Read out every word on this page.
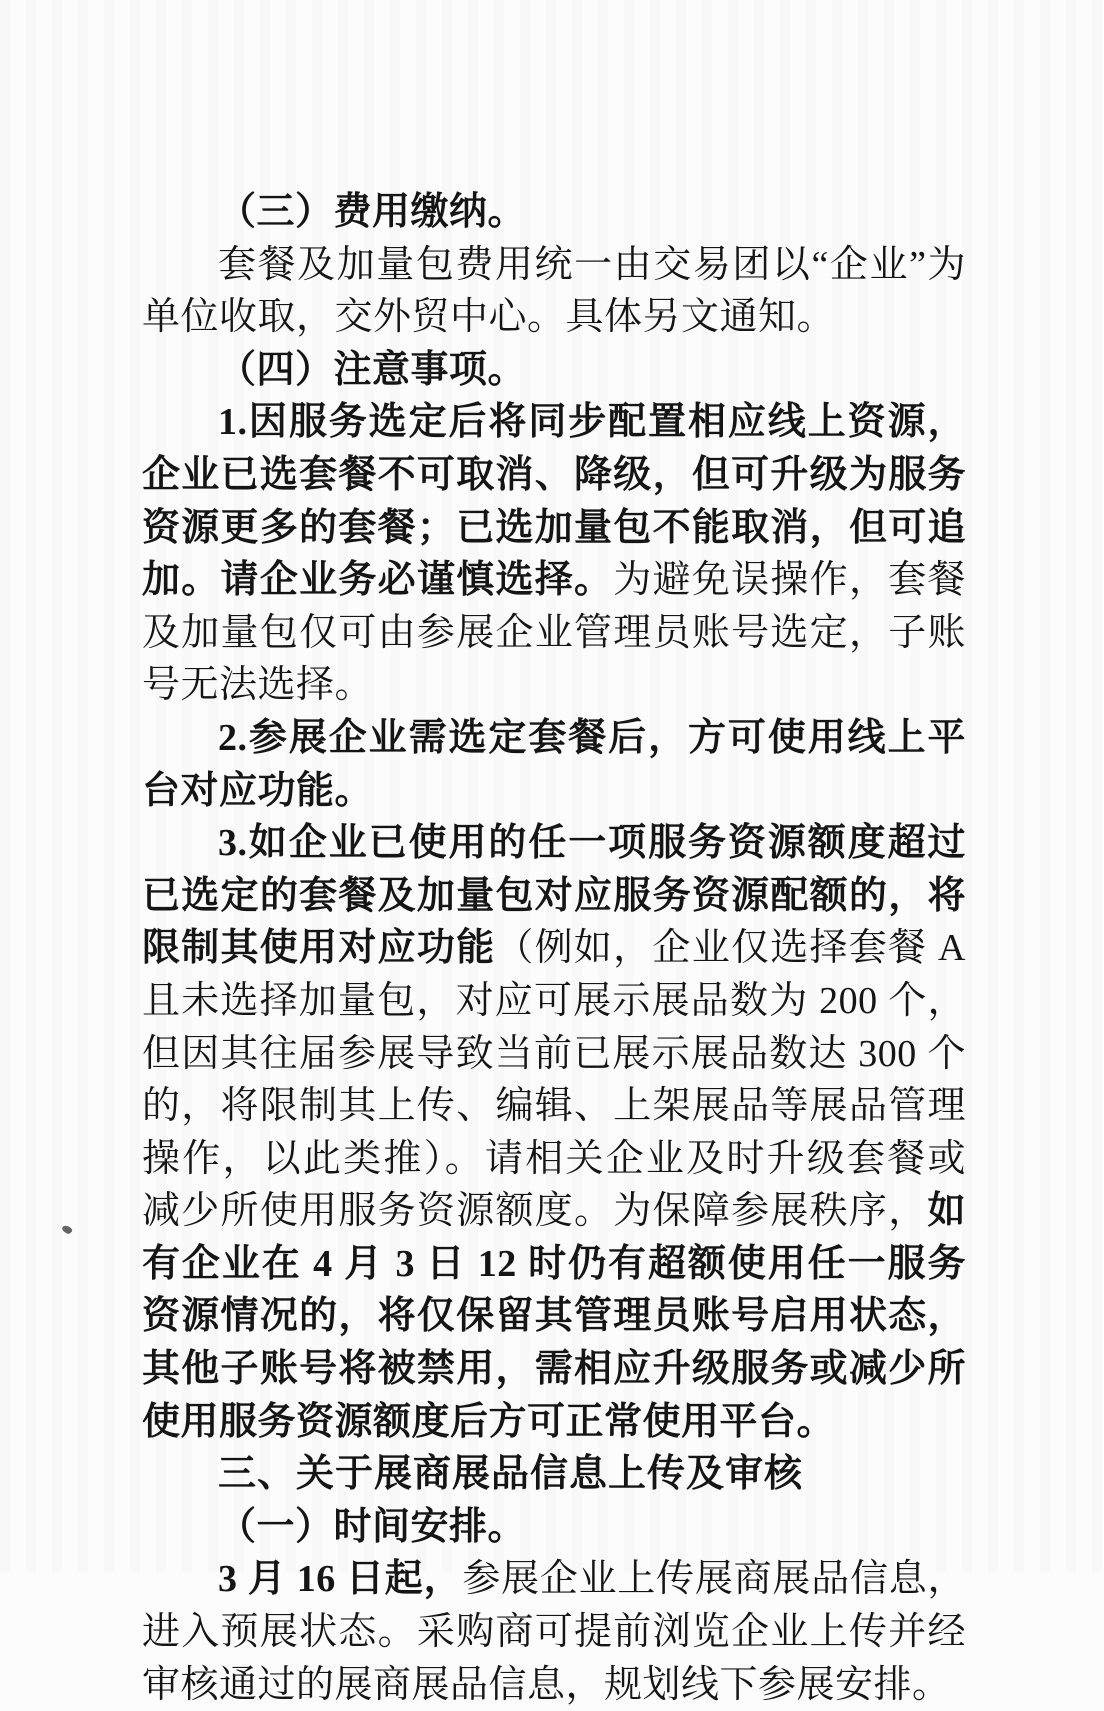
（三）费用缴纳。

套餐及加量包费用统一由交易团以“企业”为单位收取，交外贸中心。具体另文通知。

（四）注意事项。

1.因服务选定后将同步配置相应线上资源，企业已选套餐不可取消、降级，但可升级为服务资源更多的套餐；已选加量包不能取消，但可追加。请企业务必谨慎选择。为避免误操作，套餐及加量包仅可由参展企业管理员账号选定，子账号无法选择。

2.参展企业需选定套餐后，方可使用线上平台对应功能。

3.如企业已使用的任一项服务资源额度超过已选定的套餐及加量包对应服务资源配额的，将限制其使用对应功能（例如，企业仅选择套餐 A 且未选择加量包，对应可展示展品数为 200 个，但因其往届参展导致当前已展示展品数达 300 个的，将限制其上传、编辑、上架展品等展品管理操作，以此类推）。请相关企业及时升级套餐或减少所使用服务资源额度。为保障参展秩序，如有企业在 4 月 3 日 12 时仍有超额使用任一服务资源情况的，将仅保留其管理员账号启用状态，其他子账号将被禁用，需相应升级服务或减少所使用服务资源额度后方可正常使用平台。

三、关于展商展品信息上传及审核

（一）时间安排。

3 月 16 日起，参展企业上传展商展品信息，进入预展状态。采购商可提前浏览企业上传并经审核通过的展商展品信息，规划线下参展安排。
